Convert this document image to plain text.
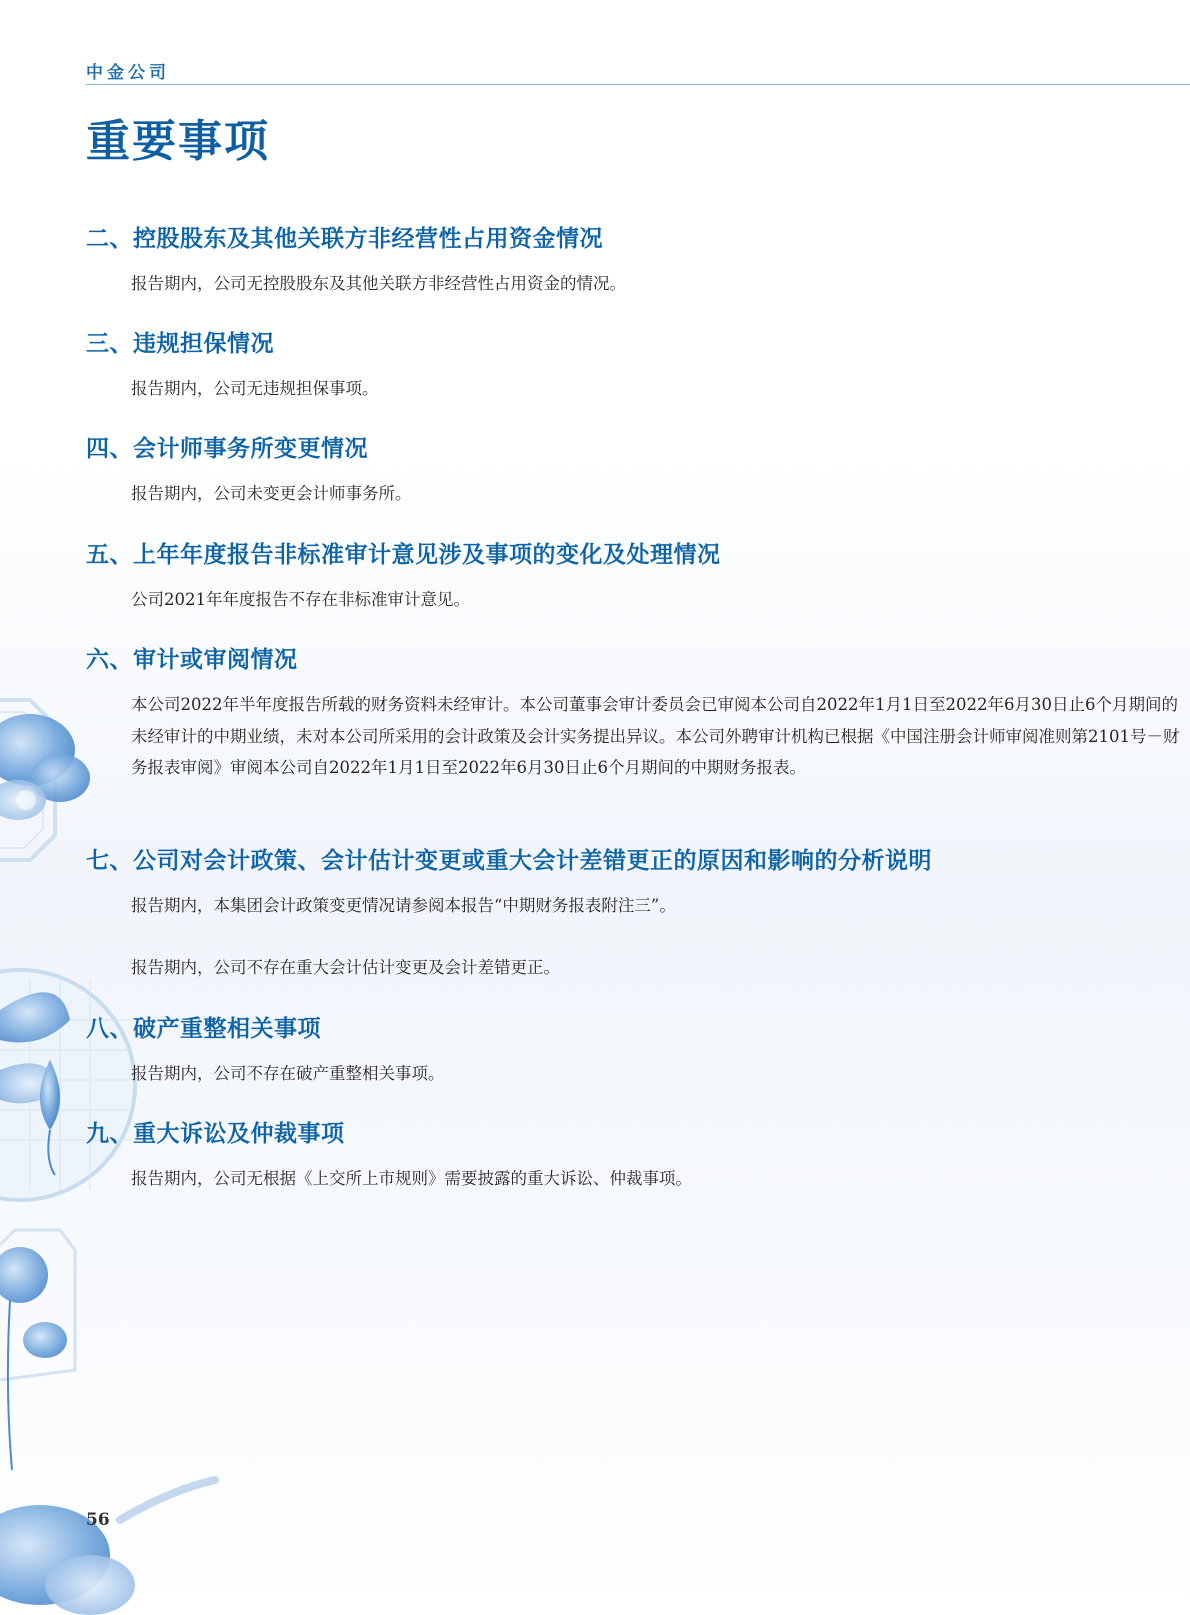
中金公司
重要事项
二、控股股东及其他关联方非经营性占用资金情况

报告期内，公司无控股股东及其他关联方非经营性占用资金的情况。

三、违规担保情况

报告期内，公司无违规担保事项。

四、会计师事务所变更情况

报告期内，公司未变更会计师事务所。

五、上年年度报告非标准审计意见涉及事项的变化及处理情况

公司2021年年度报告不存在非标准审计意见。

六、审计或审阅情况

本公司2022年半年度报告所载的财务资料未经审计。本公司董事会审计委员会已审阅本公司自2022年1月1日至2022年6月30日止6个月期间的未经审计的中期业绩，未对本公司所采用的会计政策及会计实务提出异议。本公司外聘审计机构已根据《中国注册会计师审阅准则第2101号－财务报表审阅》审阅本公司自2022年1月1日至2022年6月30日止6个月期间的中期财务报表。

七、公司对会计政策、会计估计变更或重大会计差错更正的原因和影响的分析说明

报告期内，本集团会计政策变更情况请参阅本报告“中期财务报表附注三”。

报告期内，公司不存在重大会计估计变更及会计差错更正。

八、破产重整相关事项

报告期内，公司不存在破产重整相关事项。

九、重大诉讼及仲裁事项

报告期内，公司无根据《上交所上市规则》需要披露的重大诉讼、仲裁事项。

56
